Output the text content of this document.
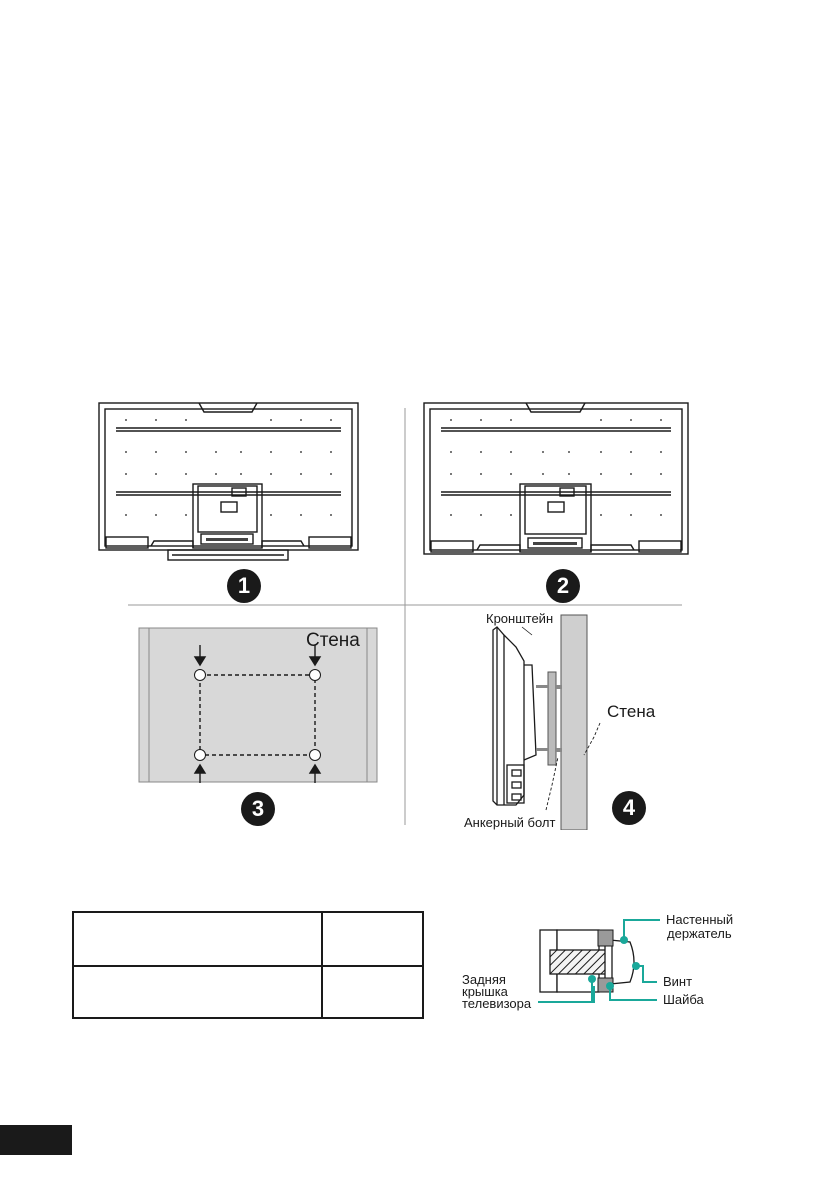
1	2
3	4
Стена
Кронштейн
Стена
Анкерный болт
Настенный
держатель
Винт
Задняя
крышка
телевизора	Шайба
